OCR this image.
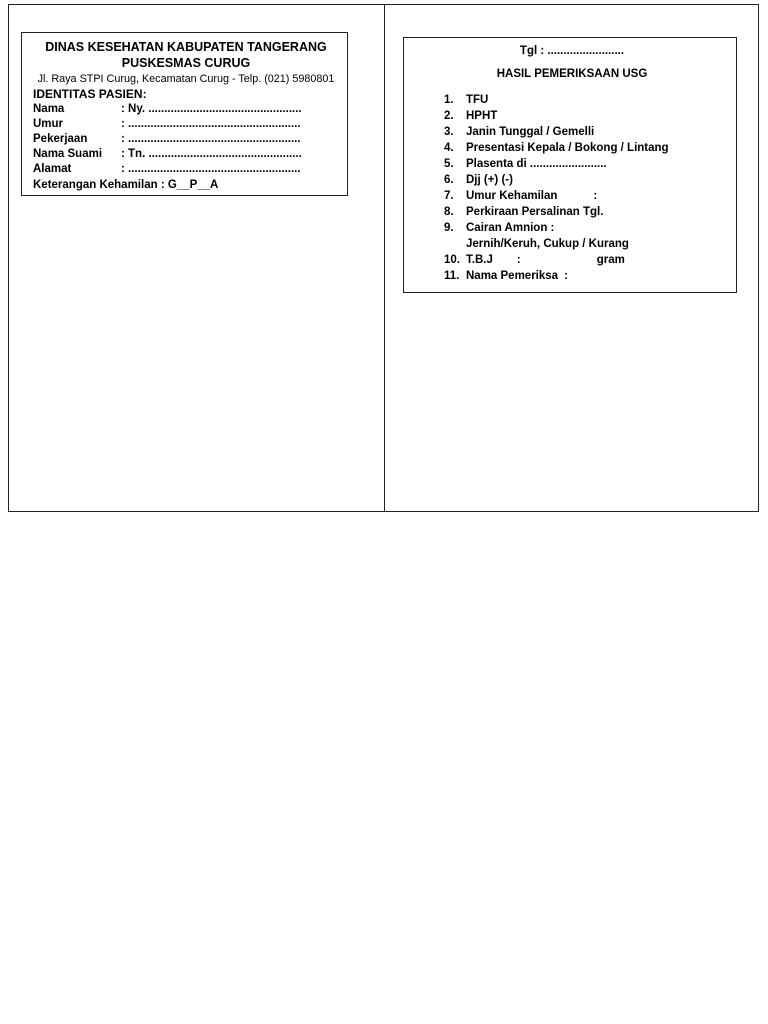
DINAS KESEHATAN KABUPATEN TANGERANG
PUSKESMAS CURUG
Jl. Raya STPI Curug, Kecamatan Curug - Telp. (021) 5980801
IDENTITAS PASIEN:
Nama	: Ny. ................................................
Umur	: ......................................................
Pekerjaan	: ......................................................
Nama Suami	: Tn. ................................................
Alamat	: ......................................................
Keterangan Kehamilan : G__P__A
Tgl : ........................
HASIL PEMERIKSAAN USG
1.	TFU
2.	HPHT
3.	Janin Tunggal / Gemelli
4.	Presentasi Kepala / Bokong / Lintang
5.	Plasenta di ........................
6.	Djj (+) (-)
7.	Umur Kehamilan	:
8.	Perkiraan Persalinan Tgl.
9.	Cairan Amnion :
Jernih/Keruh, Cukup / Kurang
10. T.B.J :	gram
11. Nama Pemeriksa :
